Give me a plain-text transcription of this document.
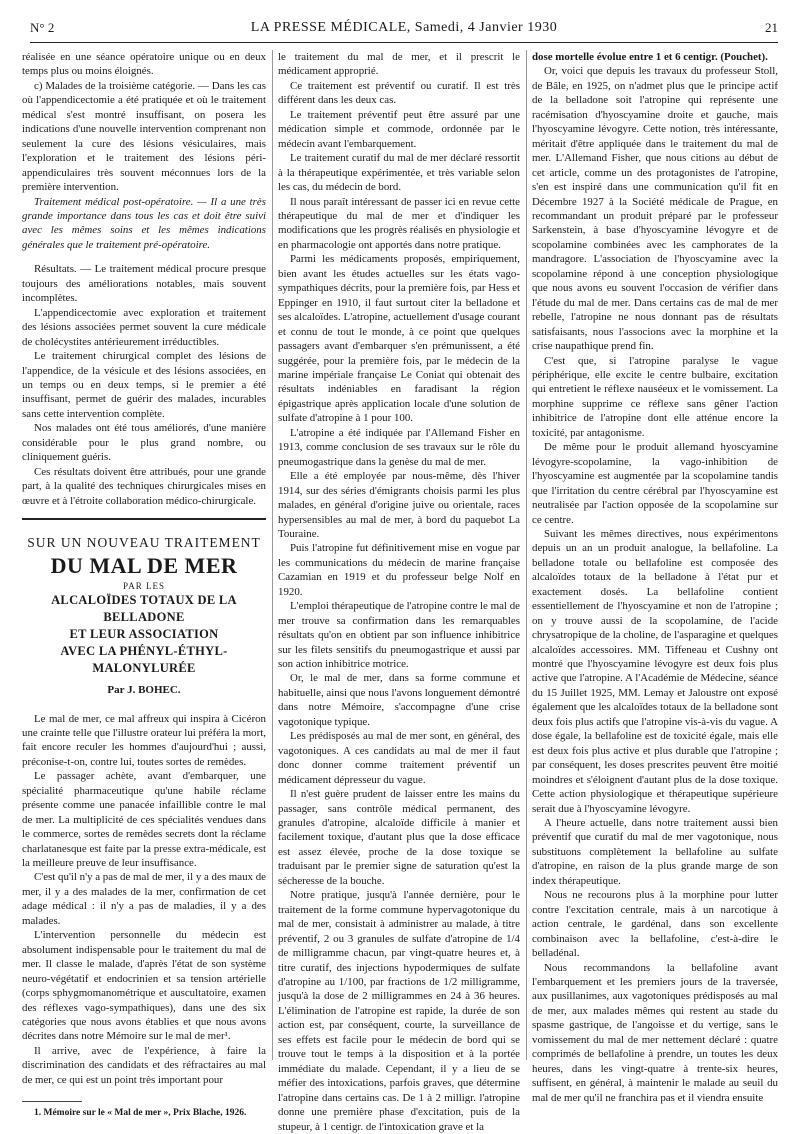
N° 2	LA PRESSE MÉDICALE, Samedi, 4 Janvier 1930	21

réalisée en une séance opératoire unique ou en deux temps plus ou moins éloignés.

c) Malades de la troisième catégorie. — Dans les cas où l'appendicectomie a été pratiquée et où le traitement médical s'est montré insuffisant, on posera les indications d'une nouvelle intervention comprenant non seulement la cure des lésions vésiculaires, mais l'exploration et le traitement des lésions péri-appendiculaires très souvent méconnues lors de la première intervention.

Traitement médical post-opératoire. — Il a une très grande importance dans tous les cas et doit être suivi avec les mêmes soins et les mêmes indications générales que le traitement pré-opératoire.

Résultats. — Le traitement médical procure presque toujours des améliorations notables, mais souvent incomplètes.

L'appendicectomie avec exploration et traitement des lésions associées permet souvent la cure médicale de cholécystites antérieurement irréductibles.

Le traitement chirurgical complet des lésions de l'appendice, de la vésicule et des lésions associées, en un temps ou en deux temps, si le premier a été insuffisant, permet de guérir des malades, incurables sans cette intervention complète.

Nos malades ont été tous améliorés, d'une manière considérable pour le plus grand nombre, ou cliniquement guéris.

Ces résultats doivent être attribués, pour une grande part, à la qualité des techniques chirurgicales mises en œuvre et à l'étroite collaboration médico-chirurgicale.

SUR UN NOUVEAU TRAITEMENT
DU MAL DE MER
PAR LES
ALCALOÏDES TOTAUX DE LA BELLADONE
ET LEUR ASSOCIATION
AVEC LA PHÉNYL-ÉTHYL-MALONYLURÉE
Par J. BOHEC.

Le mal de mer, ce mal affreux qui inspira à Cicéron une crainte telle que l'illustre orateur lui préféra la mort, fait encore reculer les hommes d'aujourd'hui ; aussi, préconise-t-on, contre lui, toutes sortes de remèdes.

Le passager achète, avant d'embarquer, une spécialité pharmaceutique qu'une habile réclame présente comme une panacée infaillible contre le mal de mer. La multiplicité de ces spécialités vendues dans le commerce, sortes de remèdes secrets dont la réclame charlatanesque est faite par la presse extra-médicale, est la meilleure preuve de leur insuffisance.

C'est qu'il n'y a pas de mal de mer, il y a des maux de mer, il y a des malades de la mer, confirmation de cet adage médical : il n'y a pas de maladies, il y a des malades.

L'intervention personnelle du médecin est absolument indispensable pour le traitement du mal de mer. Il classe le malade, d'après l'état de son système neuro-végétatif et endocrinien et sa tension artérielle (corps sphygmomanométrique et auscultatoire, examen des réflexes vago-sympathiques), dans une des six catégories que nous avons établies et que nous avons décrites dans notre Mémoire sur le mal de mer¹.

Il arrive, avec de l'expérience, à faire la discrimination des candidats et des réfractaires au mal de mer, ce qui est un point très important pour

1. Mémoire sur le « Mal de mer », Prix Blache, 1926.

le traitement du mal de mer, et il prescrit le médicament approprié.

Ce traitement est préventif ou curatif. Il est très différent dans les deux cas.

Le traitement préventif peut être assuré par une médication simple et commode, ordonnée par le médecin avant l'embarquement.

Le traitement curatif du mal de mer déclaré ressortit à la thérapeutique expérimentée, et très variable selon les cas, du médecin de bord.

Il nous paraît intéressant de passer ici en revue cette thérapeutique du mal de mer et d'indiquer les modifications que les progrès réalisés en physiologie et en pharmacologie ont apportés dans notre pratique.

Parmi les médicaments proposés, empiriquement, bien avant les études actuelles sur les états vago-sympathiques décrits, pour la première fois, par Hess et Eppinger en 1910, il faut surtout citer la belladone et ses alcaloïdes. L'atropine, actuellement d'usage courant et connu de tout le monde, à ce point que quelques passagers avant d'embarquer s'en prémunissent, a été suggérée, pour la première fois, par le médecin de la marine impériale française Le Coniat qui obtenait des résultats indéniables en faradisant la région épigastrique après application locale d'une solution de sulfate d'atropine à 1 pour 100.

L'atropine a été indiquée par l'Allemand Fisher en 1913, comme conclusion de ses travaux sur le rôle du pneumogastrique dans la genèse du mal de mer.

Elle a été employée par nous-même, dès l'hiver 1914, sur des séries d'émigrants choisis parmi les plus malades, en général d'origine juive ou orientale, races hypersensibles au mal de mer, à bord du paquebot La Touraine.

Puis l'atropine fut définitivement mise en vogue par les communications du médecin de marine française Cazamian en 1919 et du professeur belge Nolf en 1920.

L'emploi thérapeutique de l'atropine contre le mal de mer trouve sa confirmation dans les remarquables résultats qu'on en obtient par son influence inhibitrice sur les filets sensitifs du pneumogastrique et aussi par son action inhibitrice motrice.

Or, le mal de mer, dans sa forme commune et habituelle, ainsi que nous l'avons longuement démontré dans notre Mémoire, s'accompagne d'une crise vagotonique typique.

Les prédisposés au mal de mer sont, en général, des vagotoniques. A ces candidats au mal de mer il faut donc donner comme traitement préventif un médicament dépresseur du vague.

Il n'est guère prudent de laisser entre les mains du passager, sans contrôle médical permanent, des granules d'atropine, alcaloïde difficile à manier et facilement toxique, d'autant plus que la dose efficace est assez élevée, proche de la dose toxique se traduisant par le premier signe de saturation qu'est la sécheresse de la bouche.

Notre pratique, jusqu'à l'année dernière, pour le traitement de la forme commune hypervagotonique du mal de mer, consistait à administrer au malade, à titre préventif, 2 ou 3 granules de sulfate d'atropine de 1/4 de milligramme chacun, par vingt-quatre heures et, à titre curatif, des injections hypodermiques de sulfate d'atropine au 1/100, par fractions de 1/2 milligramme, jusqu'à la dose de 2 milligrammes en 24 à 36 heures. L'élimination de l'atropine est rapide, la durée de son action est, par conséquent, courte, la surveillance de ses effets est facile pour le médecin de bord qui se trouve tout le temps à la disposition et à la portée immédiate du malade. Cependant, il y a lieu de se méfier des intoxications, parfois graves, que détermine l'atropine dans certains cas. De 1 à 2 milligr. l'atropine donne une première phase d'excitation, puis de la stupeur, à 1 centigr. de l'intoxication grave et la

dose mortelle évolue entre 1 et 6 centigr. (Pouchet).

Or, voici que depuis les travaux du professeur Stoll, de Bâle, en 1925, on n'admet plus que le principe actif de la belladone soit l'atropine qui représente une racémisation d'hyoscyamine droite et gauche, mais l'hyoscyamine lévogyre. Cette notion, très intéressante, méritait d'être appliquée dans le traitement du mal de mer. L'Allemand Fisher, que nous citions au début de cet article, comme un des protagonistes de l'atropine, s'en est inspiré dans une communication qu'il fit en Décembre 1927 à la Société médicale de Prague, en recommandant un produit préparé par le professeur Sarkenstein, à base d'hyoscyamine lévogyre et de scopolamine combinées avec les camphorates de la mandragore. L'association de l'hyoscyamine avec la scopolamine répond à une conception physiologique que nous avons eu souvent l'occasion de vérifier dans l'étude du mal de mer. Dans certains cas de mal de mer rebelle, l'atropine ne nous donnant pas de résultats satisfaisants, nous l'associons avec la morphine et la crise naupathique prend fin.

C'est que, si l'atropine paralyse le vague périphérique, elle excite le centre bulbaire, excitation qui entretient le réflexe nauséeux et le vomissement. La morphine supprime ce réflexe sans gêner l'action inhibitrice de l'atropine dont elle atténue encore la toxicité, par antagonisme.

De même pour le produit allemand hyoscyamine lévogyre-scopolamine, la vago-inhibition de l'hyoscyamine est augmentée par la scopolamine tandis que l'irritation du centre cérébral par l'hyoscyamine est neutralisée par l'action opposée de la scopolamine sur ce centre.

Suivant les mêmes directives, nous expérimentons depuis un an un produit analogue, la bellafoline. La belladone totale ou bellafoline est composée des alcaloïdes totaux de la belladone à l'état pur et exactement dosés. La bellafoline contient essentiellement de l'hyoscyamine et non de l'atropine ; on y trouve aussi de la scopolamine, de l'acide chrysatropique de la choline, de l'asparagine et quelques alcaloïdes accessoires. MM. Tiffeneau et Cushny ont montré que l'hyoscyamine lévogyre est deux fois plus active que l'atropine. A l'Académie de Médecine, séance du 15 Juillet 1925, MM. Lemay et Jaloustre ont exposé également que les alcaloïdes totaux de la belladone sont deux fois plus actifs que l'atropine vis-à-vis du vague. A dose égale, la bellafoline est de toxicité égale, mais elle est deux fois plus active et plus durable que l'atropine ; par conséquent, les doses prescrites peuvent être moitié moindres et s'éloignent d'autant plus de la dose toxique. Cette action physiologique et thérapeutique supérieure serait due à l'hyoscyamine lévogyre.

A l'heure actuelle, dans notre traitement aussi bien préventif que curatif du mal de mer vagotonique, nous substituons complètement la bellafoline au sulfate d'atropine, en raison de la plus grande marge de son index thérapeutique.

Nous ne recourons plus à la morphine pour lutter contre l'excitation centrale, mais à un narcotique à action centrale, le gardénal, dans son excellente combinaison avec la bellafoline, c'est-à-dire le belladénal.

Nous recommandons la bellafoline avant l'embarquement et les premiers jours de la traversée, aux pusillanimes, aux vagotoniques prédisposés au mal de mer, aux malades mêmes qui restent au stade du spasme gastrique, de l'angoisse et du vertige, sans le vomissement du mal de mer nettement déclaré : quatre comprimés de bellafoline à prendre, un toutes les deux heures, dans les vingt-quatre à trente-six heures, suffisent, en général, à maintenir le malade au seuil du mal de mer qu'il ne franchira pas et il viendra ensuite
